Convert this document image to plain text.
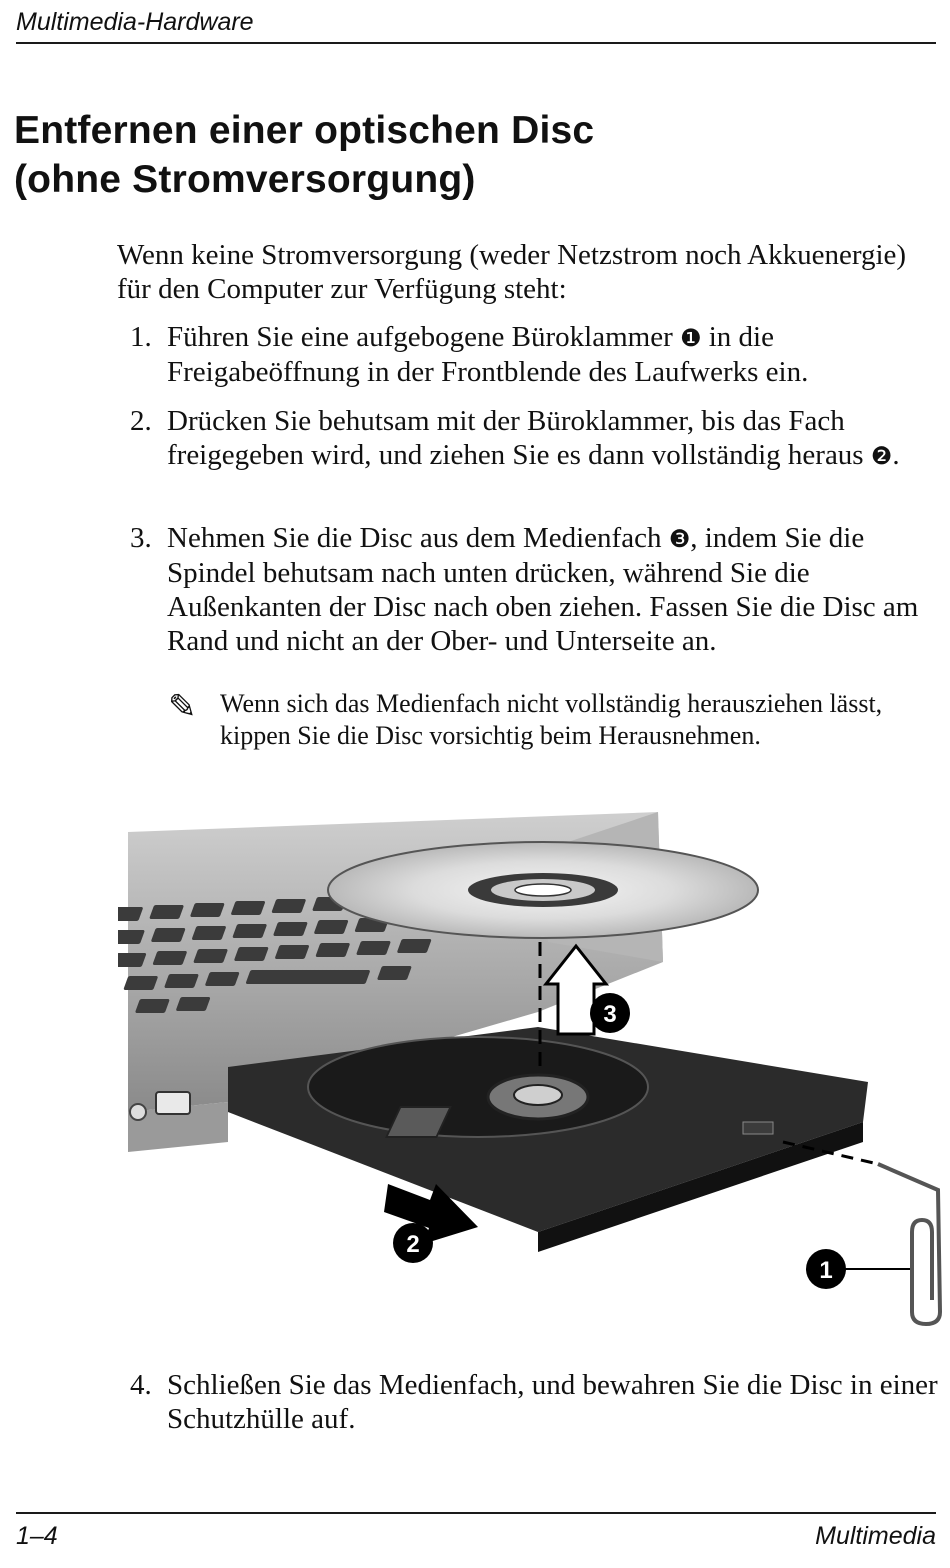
Multimedia-Hardware
Entfernen einer optischen Disc
(ohne Stromversorgung)

Wenn keine Stromversorgung (weder Netzstrom noch Akkuenergie) für den Computer zur Verfügung steht:

1. Führen Sie eine aufgebogene Büroklammer ❶ in die Freigabeöffnung in der Frontblende des Laufwerks ein.
2. Drücken Sie behutsam mit der Büroklammer, bis das Fach freigegeben wird, und ziehen Sie es dann vollständig heraus ❷.
3. Nehmen Sie die Disc aus dem Medienfach ❸, indem Sie die Spindel behutsam nach unten drücken, während Sie die Außenkanten der Disc nach oben ziehen. Fassen Sie die Disc am Rand und nicht an der Ober- und Unterseite an.
✎ Wenn sich das Medienfach nicht vollständig herausziehen lässt, kippen Sie die Disc vorsichtig beim Herausnehmen.
3
2
1
4. Schließen Sie das Medienfach, und bewahren Sie die Disc in einer Schutzhülle auf.
1–4	Multimedia
